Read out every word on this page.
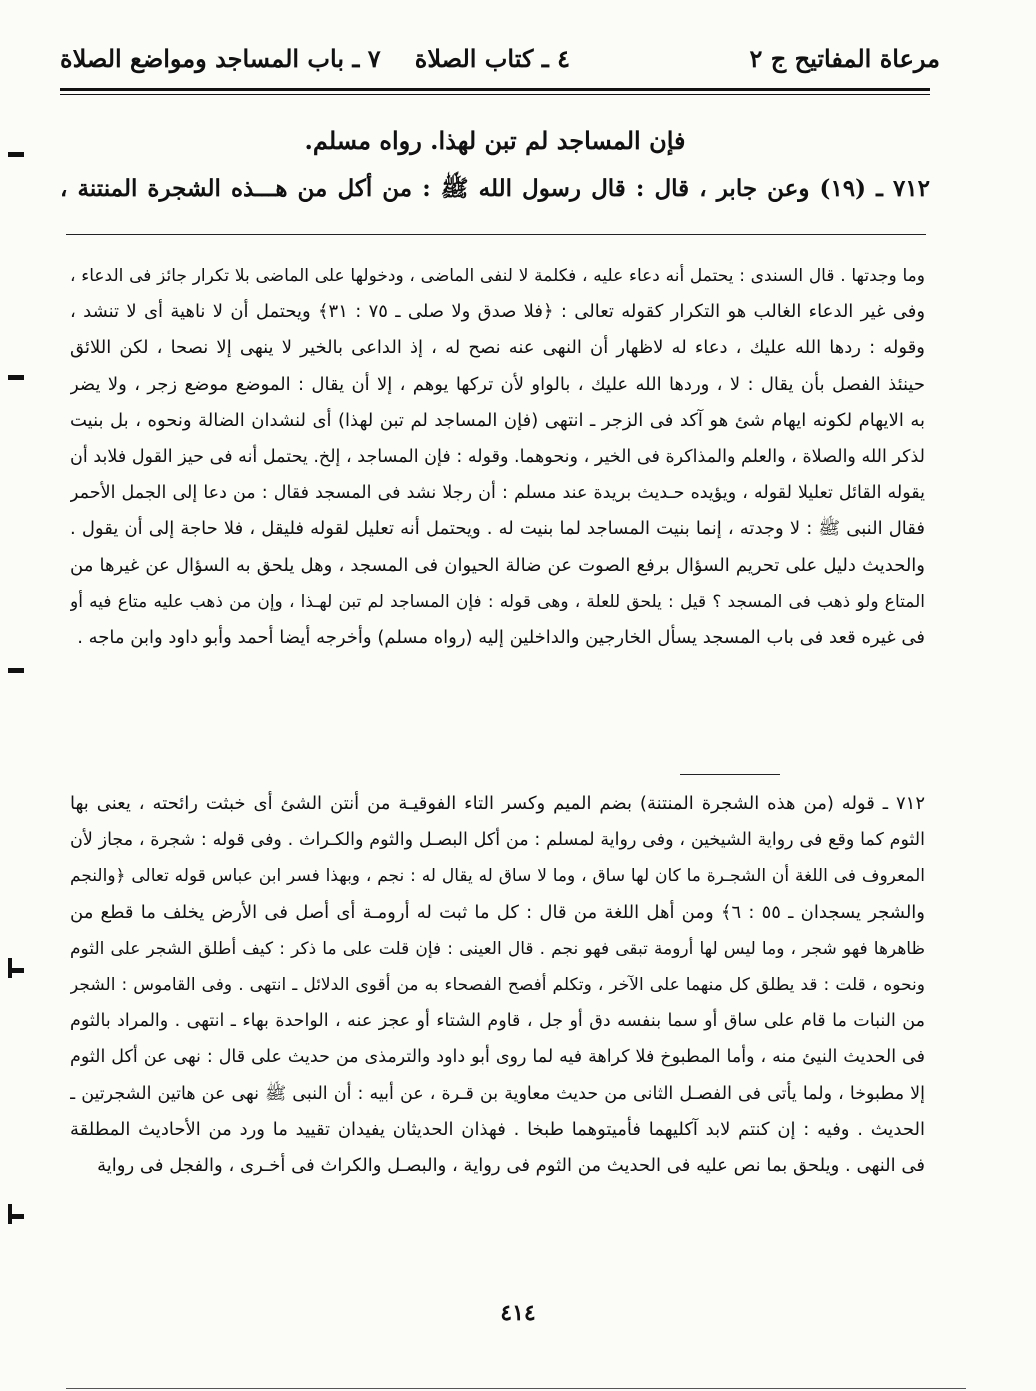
مرعاة المفاتيح ج ٢
٤ ـ كتاب الصلاة
٧ ـ باب المساجد ومواضع الصلاة
فإن المساجد لم تبن لهذا. رواه مسلم.
٧١٢ ـ (١٩) وعن جابر ، قال : قال رسول الله ﷺ : من أكل من هـــذه الشجرة المنتنة ،
وما وجدتها . قال السندى : يحتمل أنه دعاء عليه ، فكلمة لا لنفى الماضى ، ودخولها على الماضى بلا تكرار جائز فى الدعاء ،
وفى غير الدعاء الغالب هو التكرار كقوله تعالى : ﴿فلا صدق ولا صلى ـ ٧٥ : ٣١﴾ ويحتمل أن لا ناهية أى لا تنشد ،
وقوله : ردها الله عليك ، دعاء له لاظهار أن النهى عنه نصح له ، إذ الداعى بالخير لا ينهى إلا نصحا ، لكن اللائق
حينئذ الفصل بأن يقال : لا ، وردها الله عليك ، بالواو لأن تركها يوهم ، إلا أن يقال : الموضع موضع زجر ، ولا يضر
به الايهام لكونه ايهام شئ هو آكد فى الزجر ـ انتهى (فإن المساجد لم تبن لهذا) أى لنشدان الضالة ونحوه ، بل بنيت
لذكر الله والصلاة ، والعلم والمذاكرة فى الخير ، ونحوهما. وقوله : فإن المساجد ، إلخ. يحتمل أنه فى حيز القول فلابد أن
يقوله القائل تعليلا لقوله ، ويؤيده حـديث بريدة عند مسلم : أن رجلا نشد فى المسجد فقال : من دعا إلى الجمل الأحمر
فقال النبى ﷺ : لا وجدته ، إنما بنيت المساجد لما بنيت له . ويحتمل أنه تعليل لقوله فليقل ، فلا حاجة إلى أن يقول .
والحديث دليل على تحريم السؤال برفع الصوت عن ضالة الحيوان فى المسجد ، وهل يلحق به السؤال عن غيرها من
المتاع ولو ذهب فى المسجد ؟ قيل : يلحق للعلة ، وهى قوله : فإن المساجد لم تبن لهـذا ، وإن من ذهب عليه متاع فيه أو
فى غيره قعد فى باب المسجد يسأل الخارجين والداخلين إليه (رواه مسلم) وأخرجه أيضا أحمد وأبو داود وابن ماجه .
٧١٢ ـ قوله (من هذه الشجرة المنتنة) بضم الميم وكسر التاء الفوقيـة من أنتن الشئ أى خبثت رائحته ، يعنى بها
الثوم كما وقع فى رواية الشيخين ، وفى رواية لمسلم : من أكل البصـل والثوم والكـراث . وفى قوله : شجرة ، مجاز لأن
المعروف فى اللغة أن الشجـرة ما كان لها ساق ، وما لا ساق له يقال له : نجم ، وبهذا فسر ابن عباس قوله تعالى ﴿والنجم
والشجر يسجدان ـ ٥٥ : ٦﴾ ومن أهل اللغة من قال : كل ما ثبت له أرومـة أى أصل فى الأرض يخلف ما قطع من
ظاهرها فهو شجر ، وما ليس لها أرومة تبقى فهو نجم . قال العينى : فإن قلت على ما ذكر : كيف أطلق الشجر على الثوم
ونحوه ، قلت : قد يطلق كل منهما على الآخر ، وتكلم أفصح الفصحاء به من أقوى الدلائل ـ انتهى . وفى القاموس : الشجر
من النبات ما قام على ساق أو سما بنفسه دق أو جل ، قاوم الشتاء أو عجز عنه ، الواحدة بهاء ـ انتهى . والمراد بالثوم
فى الحديث النيئ منه ، وأما المطبوخ فلا كراهة فيه لما روى أبو داود والترمذى من حديث على قال : نهى عن أكل الثوم
إلا مطبوخا ، ولما يأتى فى الفصـل الثانى من حديث معاوية بن قـرة ، عن أبيه : أن النبى ﷺ نهى عن هاتين الشجرتين ـ
الحديث . وفيه : إن كنتم لابد آكليهما فأميتوهما طبخا . فهذان الحديثان يفيدان تقييد ما ورد من الأحاديث المطلقة
فى النهى . ويلحق بما نص عليه فى الحديث من الثوم فى رواية ، والبصـل والكراث فى أخـرى ، والفجل فى رواية
٤١٤
